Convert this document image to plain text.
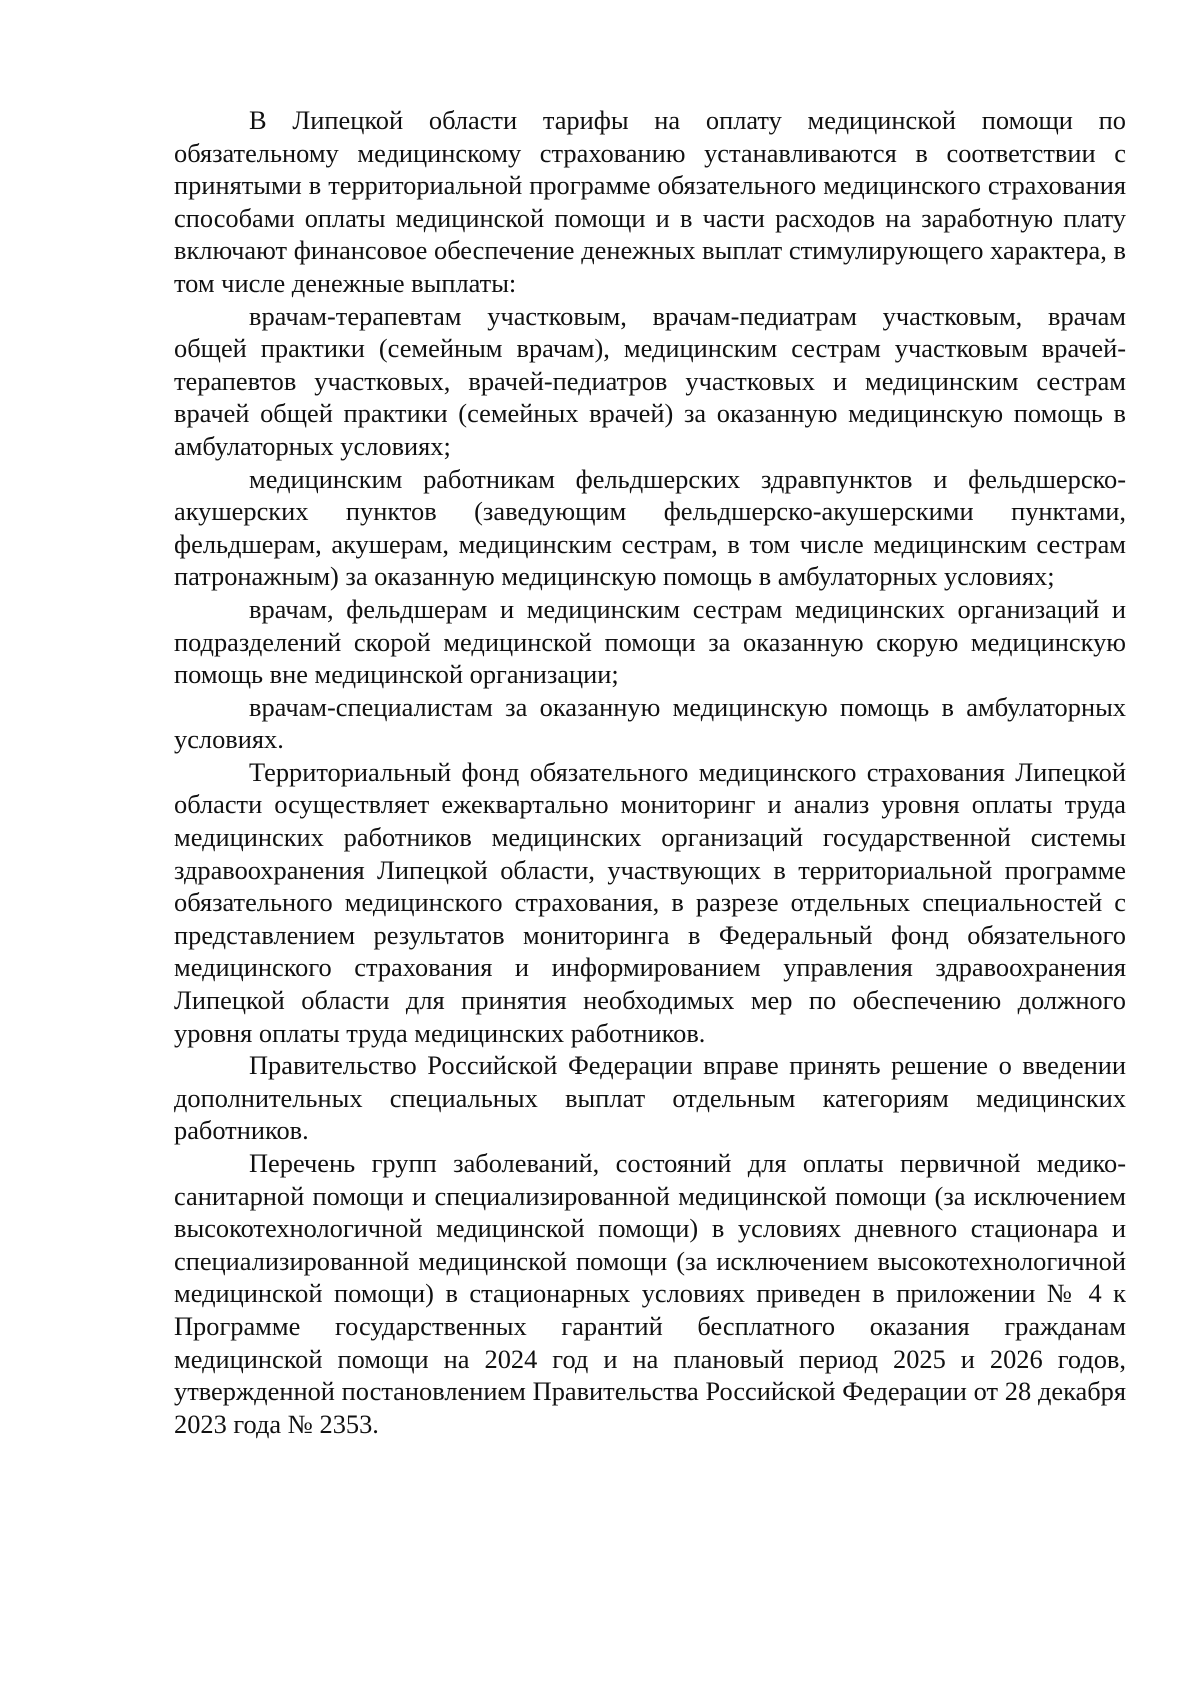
В Липецкой области тарифы на оплату медицинской помощи по обязательному медицинскому страхованию устанавливаются в соответствии с принятыми в территориальной программе обязательного медицинского страхования способами оплаты медицинской помощи и в части расходов на заработную плату включают финансовое обеспечение денежных выплат стимулирующего характера, в том числе денежные выплаты:

врачам-терапевтам участковым, врачам-педиатрам участковым, врачам общей практики (семейным врачам), медицинским сестрам участковым врачей-терапевтов участковых, врачей-педиатров участковых и медицинским сестрам врачей общей практики (семейных врачей) за оказанную медицинскую помощь в амбулаторных условиях;

медицинским работникам фельдшерских здравпунктов и фельдшерско-акушерских пунктов (заведующим фельдшерско-акушерскими пунктами, фельдшерам, акушерам, медицинским сестрам, в том числе медицинским сестрам патронажным) за оказанную медицинскую помощь в амбулаторных условиях;

врачам, фельдшерам и медицинским сестрам медицинских организаций и подразделений скорой медицинской помощи за оказанную скорую медицинскую помощь вне медицинской организации;

врачам-специалистам за оказанную медицинскую помощь в амбулаторных условиях.

Территориальный фонд обязательного медицинского страхования Липецкой области осуществляет ежеквартально мониторинг и анализ уровня оплаты труда медицинских работников медицинских организаций государственной системы здравоохранения Липецкой области, участвующих в территориальной программе обязательного медицинского страхования, в разрезе отдельных специальностей с представлением результатов мониторинга в Федеральный фонд обязательного медицинского страхования и информированием управления здравоохранения Липецкой области для принятия необходимых мер по обеспечению должного уровня оплаты труда медицинских работников.

Правительство Российской Федерации вправе принять решение о введении дополнительных специальных выплат отдельным категориям медицинских работников.

Перечень групп заболеваний, состояний для оплаты первичной медико-санитарной помощи и специализированной медицинской помощи (за исключением высокотехнологичной медицинской помощи) в условиях дневного стационара и специализированной медицинской помощи (за исключением высокотехнологичной медицинской помощи) в стационарных условиях приведен в приложении № 4 к Программе государственных гарантий бесплатного оказания гражданам медицинской помощи на 2024 год и на плановый период 2025 и 2026 годов, утвержденной постановлением Правительства Российской Федерации от 28 декабря 2023 года № 2353.
